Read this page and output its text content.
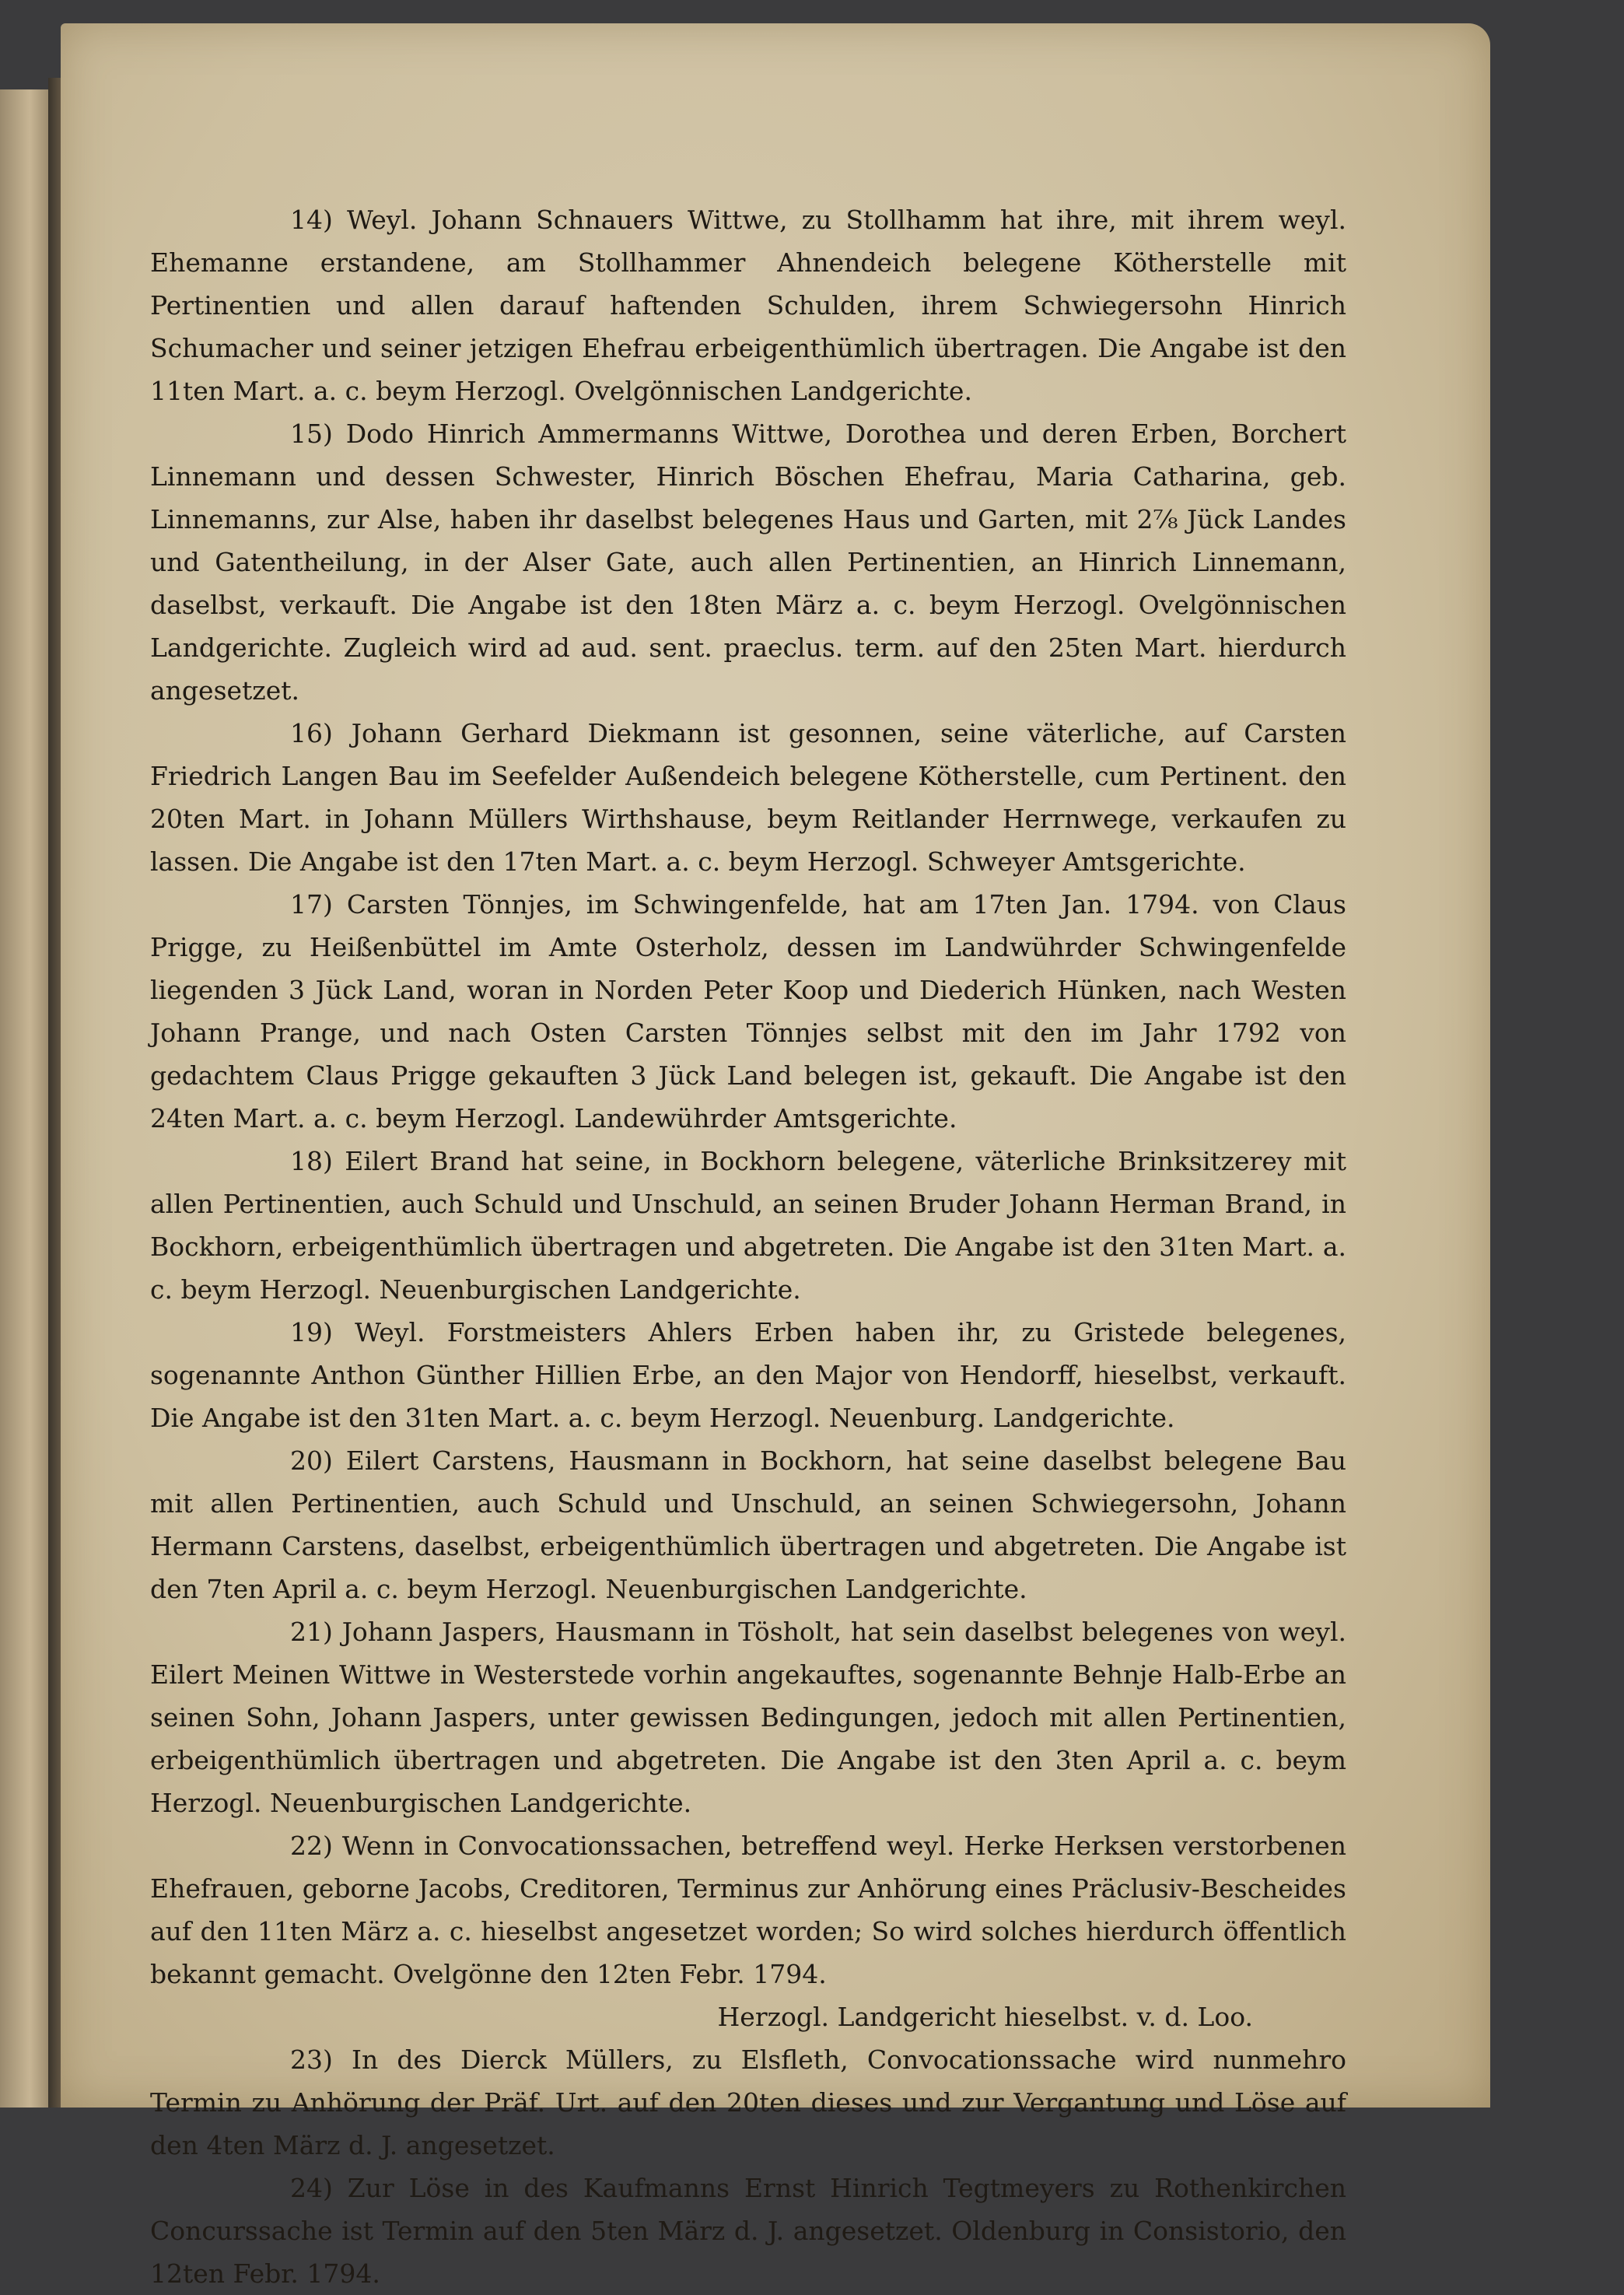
14) Weyl. Johann Schnauers Wittwe, zu Stollhamm hat ihre, mit ihrem weyl. Ehemanne erstandene, am Stollhammer Ahnendeich belegene Kötherstelle mit Pertinentien und allen darauf haftenden Schulden, ihrem Schwiegersohn Hinrich Schumacher und seiner jetzigen Ehefrau erbeigenthümlich übertragen. Die Angabe ist den 11ten Mart. a. c. beym Herzogl. Ovelgönnischen Landgerichte.

15) Dodo Hinrich Ammermanns Wittwe, Dorothea und deren Erben, Borchert Linnemann und dessen Schwester, Hinrich Böschen Ehefrau, Maria Catharina, geb. Linnemanns, zur Alse, haben ihr daselbst belegenes Haus und Garten, mit 2⅞ Jück Landes und Gatentheilung, in der Alser Gate, auch allen Pertinentien, an Hinrich Linnemann, daselbst, verkauft. Die Angabe ist den 18ten März a. c. beym Herzogl. Ovelgönnischen Landgerichte. Zugleich wird ad aud. sent. praeclus. term. auf den 25ten Mart. hierdurch angesetzet.

16) Johann Gerhard Diekmann ist gesonnen, seine väterliche, auf Carsten Friedrich Langen Bau im Seefelder Außendeich belegene Kötherstelle, cum Pertinent. den 20ten Mart. in Johann Müllers Wirthshause, beym Reitlander Herrnwege, verkaufen zu lassen. Die Angabe ist den 17ten Mart. a. c. beym Herzogl. Schweyer Amtsgerichte.

17) Carsten Tönnjes, im Schwingenfelde, hat am 17ten Jan. 1794. von Claus Prigge, zu Heißenbüttel im Amte Osterholz, dessen im Landwührder Schwingenfelde liegenden 3 Jück Land, woran in Norden Peter Koop und Diederich Hünken, nach Westen Johann Prange, und nach Osten Carsten Tönnjes selbst mit den im Jahr 1792 von gedachtem Claus Prigge gekauften 3 Jück Land belegen ist, gekauft. Die Angabe ist den 24ten Mart. a. c. beym Herzogl. Landewührder Amtsgerichte.

18) Eilert Brand hat seine, in Bockhorn belegene, väterliche Brinksitzerey mit allen Pertinentien, auch Schuld und Unschuld, an seinen Bruder Johann Herman Brand, in Bockhorn, erbeigenthümlich übertragen und abgetreten. Die Angabe ist den 31ten Mart. a. c. beym Herzogl. Neuenburgischen Landgerichte.

19) Weyl. Forstmeisters Ahlers Erben haben ihr, zu Gristede belegenes, sogenannte Anthon Günther Hillien Erbe, an den Major von Hendorff, hieselbst, verkauft. Die Angabe ist den 31ten Mart. a. c. beym Herzogl. Neuenburg. Landgerichte.

20) Eilert Carstens, Hausmann in Bockhorn, hat seine daselbst belegene Bau mit allen Pertinentien, auch Schuld und Unschuld, an seinen Schwiegersohn, Johann Hermann Carstens, daselbst, erbeigenthümlich übertragen und abgetreten. Die Angabe ist den 7ten April a. c. beym Herzogl. Neuenburgischen Landgerichte.

21) Johann Jaspers, Hausmann in Tösholt, hat sein daselbst belegenes von weyl. Eilert Meinen Wittwe in Westerstede vorhin angekauftes, sogenannte Behnje Halb-Erbe an seinen Sohn, Johann Jaspers, unter gewissen Bedingungen, jedoch mit allen Pertinentien, erbeigenthümlich übertragen und abgetreten. Die Angabe ist den 3ten April a. c. beym Herzogl. Neuenburgischen Landgerichte.

22) Wenn in Convocationssachen, betreffend weyl. Herke Herksen verstorbenen Ehefrauen, geborne Jacobs, Creditoren, Terminus zur Anhörung eines Präclusiv-Bescheides auf den 11ten März a. c. hieselbst angesetzet worden; So wird solches hierdurch öffentlich bekannt gemacht. Ovelgönne den 12ten Febr. 1794.

Herzogl. Landgericht hieselbst. v. d. Loo.

23) In des Dierck Müllers, zu Elsfleth, Convocationssache wird nunmehro Termin zu Anhörung der Präf. Urt. auf den 20ten dieses und zur Vergantung und Löse auf den 4ten März d. J. angesetzet.

24) Zur Löse in des Kaufmanns Ernst Hinrich Tegtmeyers zu Rothenkirchen Concurssache ist Termin auf den 5ten März d. J. angesetzet. Oldenburg in Consistorio, den 12ten Febr. 1794.
